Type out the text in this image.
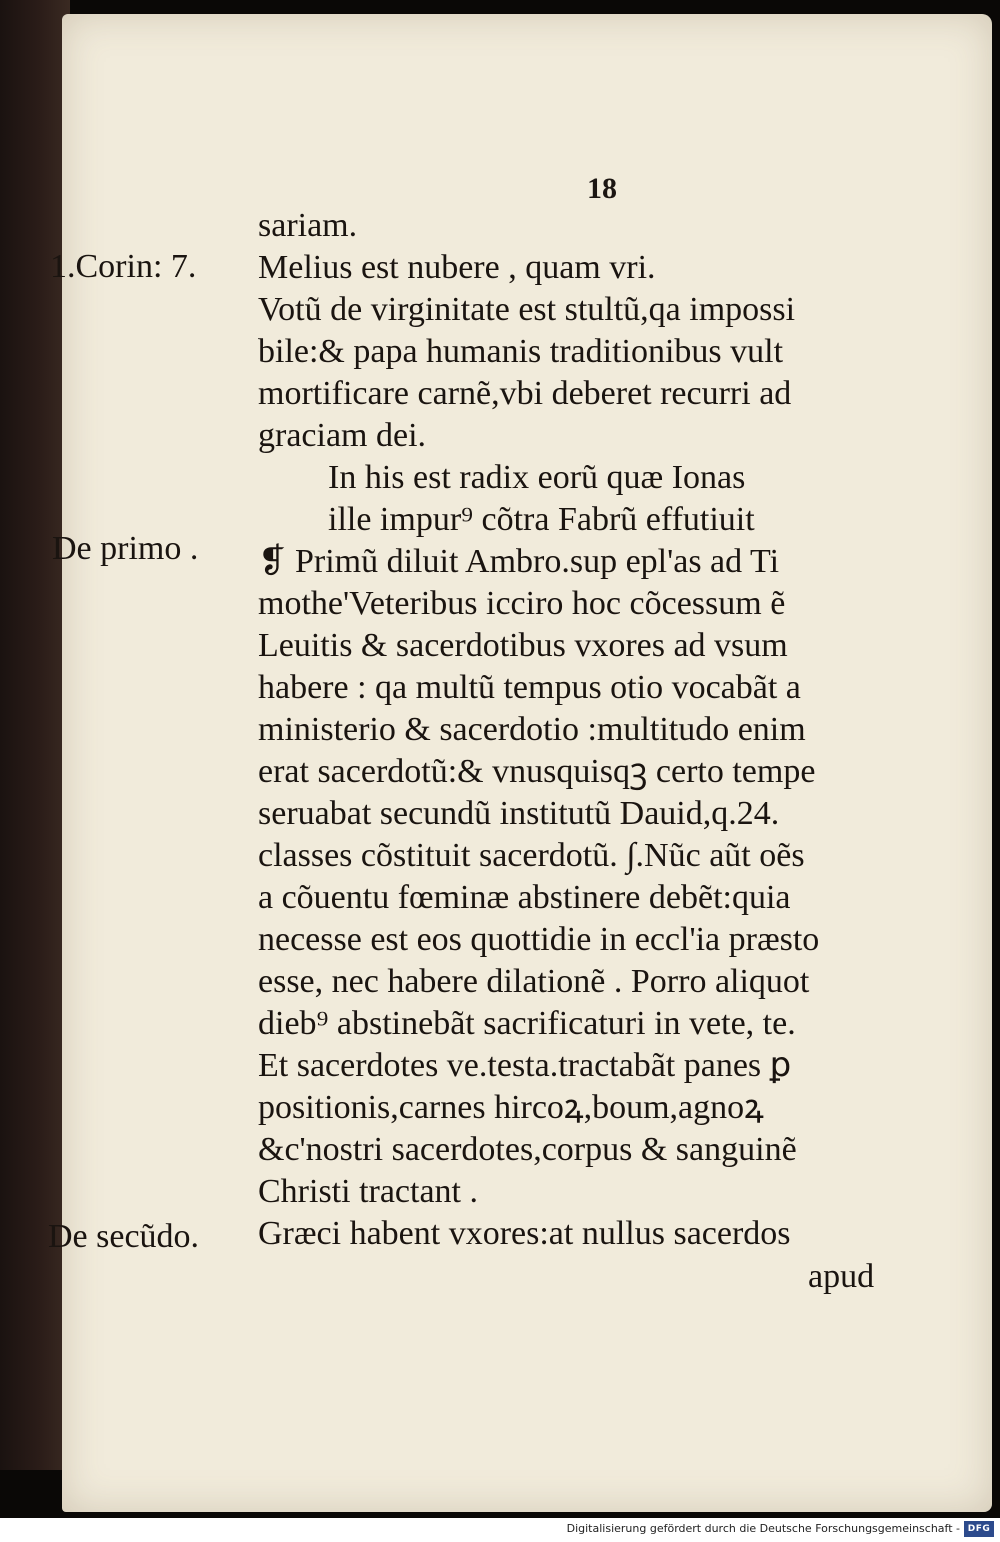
18
1.Corin: 7.
De primo .
De secũdo.
sariam.
Melius est nubere , quam vri.
Votũ de virginitate est stultũ,qa impossi
bile:& papa humanis traditionibus vult
mortificare carnẽ,vbi deberet recurri ad
graciam dei.
In his est radix eorũ quæ Ionas
ille impur⁹ cõtra Fabrũ effutiuit
❡ Primũ diluit Ambro.sup epl'as ad Ti
mothe'Veteribus icciro hoc cõcessum ẽ
Leuitis & sacerdotibus vxores ad vsum
habere : qa multũ tempus otio vocabãt a
ministerio & sacerdotio :multitudo enim
erat sacerdotũ:& vnusquisqꝫ certo tempe
seruabat secundũ institutũ Dauid,q.24.
classes cõstituit sacerdotũ. ∫.Nũc aũt oẽs
a cõuentu fœminæ abstinere debẽt:quia
necesse est eos quottidie in eccl'ia præsto
esse, nec habere dilationẽ . Porro aliquot
dieb⁹ abstinebãt sacrificaturi in vete, te.
Et sacerdotes ve.testa.tractabãt panes ꝑ
positionis,carnes hircoꝝ,boum,agnoꝝ
&c'nostri sacerdotes,corpus & sanguinẽ
Christi tractant .
Græci habent vxores:at nullus sacerdos
apud
Digitalisierung gefördert durch die Deutsche Forschungsgemeinschaft - DFG
